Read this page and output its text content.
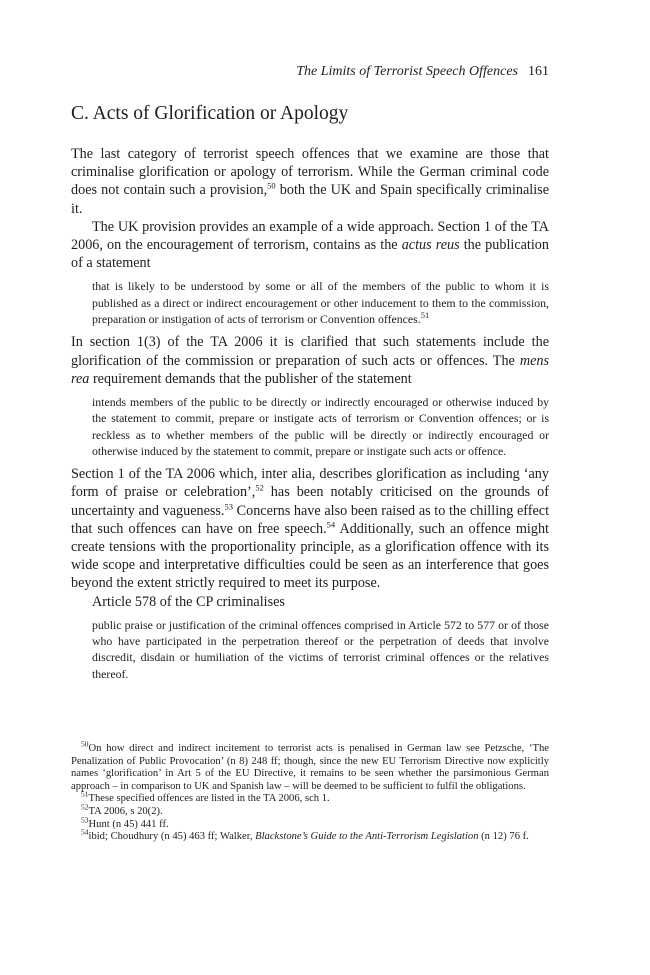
The Limits of Terrorist Speech Offences 161

C. Acts of Glorification or Apology

The last category of terrorist speech offences that we examine are those that criminalise glorification or apology of terrorism. While the German criminal code does not contain such a provision,$^{50}$ both the UK and Spain specifically criminalise it.

The UK provision provides an example of a wide approach. Section 1 of the TA 2006, on the encouragement of terrorism, contains as the actus reus the publication of a statement

that is likely to be understood by some or all of the members of the public to whom it is published as a direct or indirect encouragement or other inducement to them to the commission, preparation or instigation of acts of terrorism or Convention offences.$^{51}$

In section 1(3) of the TA 2006 it is clarified that such statements include the glorification of the commission or preparation of such acts or offences. The mens rea requirement demands that the publisher of the statement

intends members of the public to be directly or indirectly encouraged or otherwise induced by the statement to commit, prepare or instigate acts of terrorism or Convention offences; or is reckless as to whether members of the public will be directly or indirectly encouraged or otherwise induced by the statement to commit, prepare or instigate such acts or offence.

Section 1 of the TA 2006 which, inter alia, describes glorification as including ‘any form of praise or celebration’,$^{52}$ has been notably criticised on the grounds of uncertainty and vagueness.$^{53}$ Concerns have also been raised as to the chilling effect that such offences can have on free speech.$^{54}$ Additionally, such an offence might create tensions with the proportionality principle, as a glorification offence with its wide scope and interpretative difficulties could be seen as an interference that goes beyond the extent strictly required to meet its purpose.

Article 578 of the CP criminalises

public praise or justification of the criminal offences comprised in Article 572 to 577 or of those who have participated in the perpetration thereof or the perpetration of deeds that involve discredit, disdain or humiliation of the victims of terrorist criminal offences or the relatives thereof.

$^{50}$On how direct and indirect incitement to terrorist acts is penalised in German law see Petzsche, ‘The Penalization of Public Provocation’ (n 8) 248 ff; though, since the new EU Terrorism Directive now explicitly names ‘glorification’ in Art 5 of the EU Directive, it remains to be seen whether the parsimonious German approach – in comparison to UK and Spanish law – will be deemed to be sufficient to fulfil the obligations.

$^{51}$These specified offences are listed in the TA 2006, sch 1.

$^{52}$TA 2006, s 20(2).

$^{53}$Hunt (n 45) 441 ff.

$^{54}$ibid; Choudhury (n 45) 463 ff; Walker, Blackstone’s Guide to the Anti-Terrorism Legislation (n 12) 76 f.
